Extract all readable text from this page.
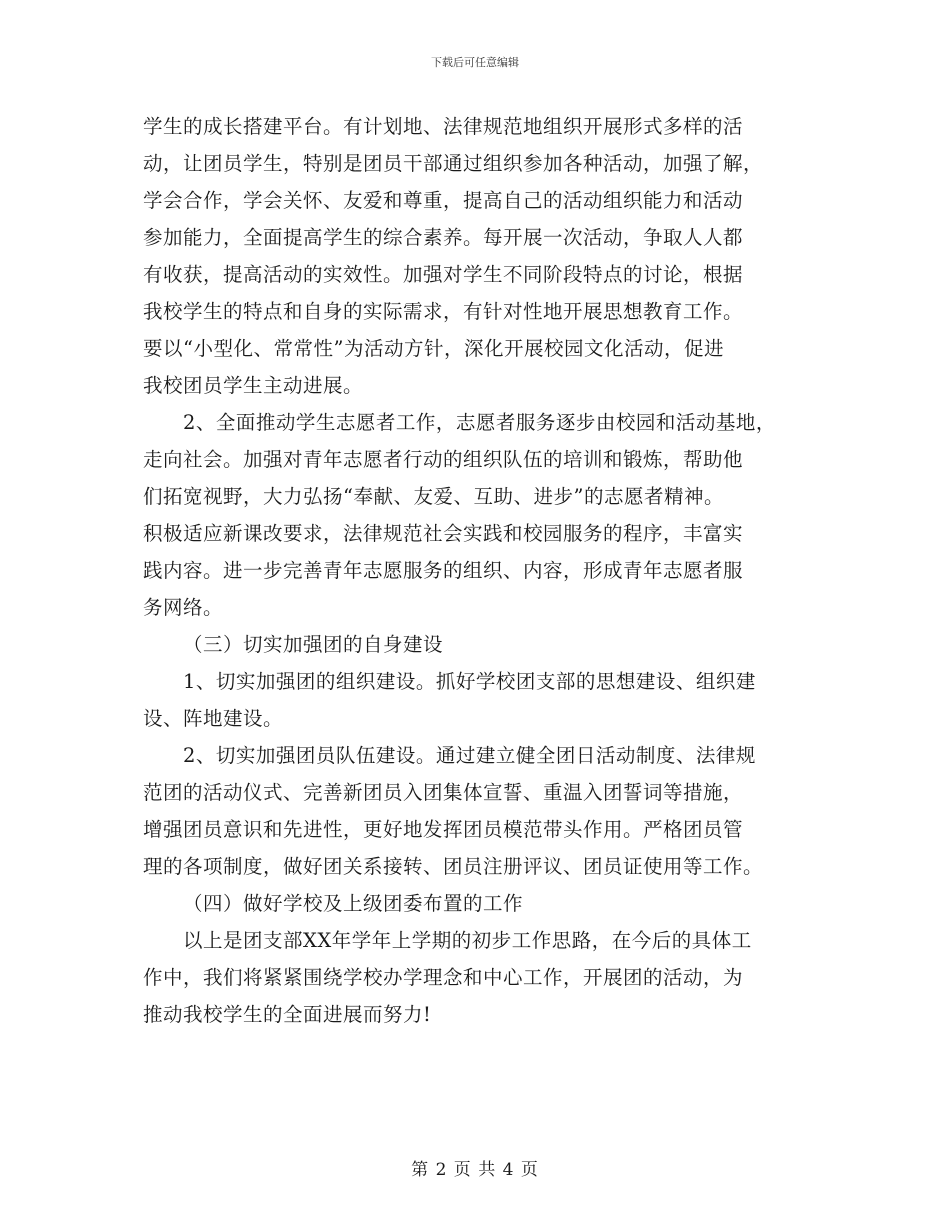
下载后可任意编辑
学生的成长搭建平台。有计划地、法律规范地组织开展形式多样的活
动，让团员学生，特别是团员干部通过组织参加各种活动，加强了解，
学会合作，学会关怀、友爱和尊重，提高自己的活动组织能力和活动
参加能力，全面提高学生的综合素养。每开展一次活动，争取人人都
有收获，提高活动的实效性。加强对学生不同阶段特点的讨论，根据
我校学生的特点和自身的实际需求，有针对性地开展思想教育工作。
要以“小型化、常常性”为活动方针，深化开展校园文化活动，促进
我校团员学生主动进展。
2、全面推动学生志愿者工作，志愿者服务逐步由校园和活动基地，
走向社会。加强对青年志愿者行动的组织队伍的培训和锻炼，帮助他
们拓宽视野，大力弘扬“奉献、友爱、互助、进步”的志愿者精神。
积极适应新课改要求，法律规范社会实践和校园服务的程序，丰富实
践内容。进一步完善青年志愿服务的组织、内容，形成青年志愿者服
务网络。
（三）切实加强团的自身建设
1、切实加强团的组织建设。抓好学校团支部的思想建设、组织建
设、阵地建设。
2、切实加强团员队伍建设。通过建立健全团日活动制度、法律规
范团的活动仪式、完善新团员入团集体宣誓、重温入团誓词等措施，
增强团员意识和先进性，更好地发挥团员模范带头作用。严格团员管
理的各项制度，做好团关系接转、团员注册评议、团员证使用等工作。
（四）做好学校及上级团委布置的工作
以上是团支部XX年学年上学期的初步工作思路，在今后的具体工
作中，我们将紧紧围绕学校办学理念和中心工作，开展团的活动，为
推动我校学生的全面进展而努力!
第 2 页 共 4 页
